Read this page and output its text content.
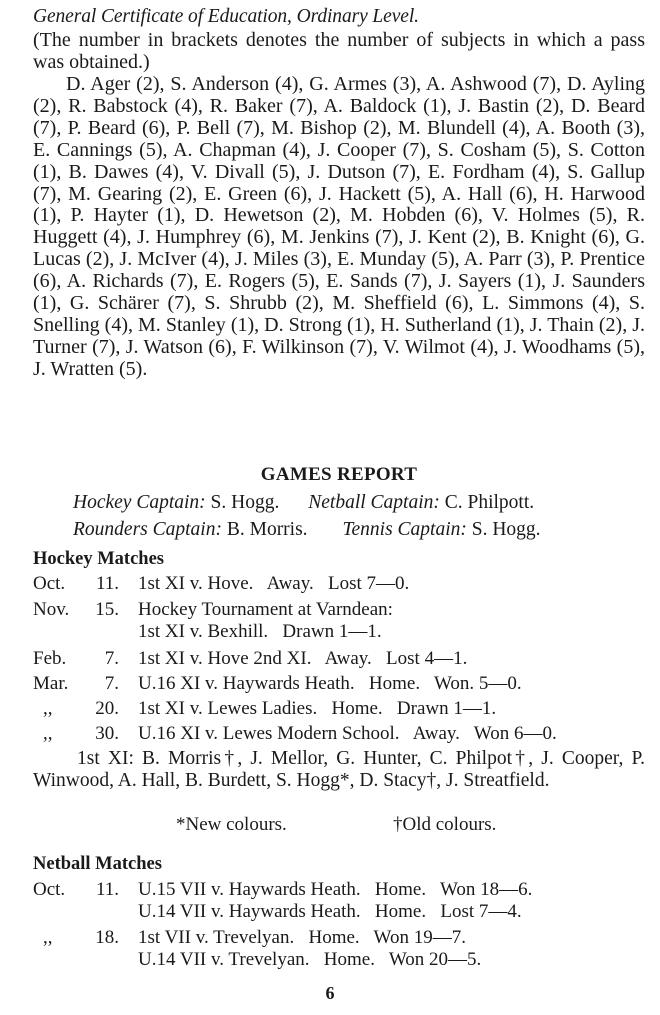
General Certificate of Education, Ordinary Level.
(The number in brackets denotes the number of subjects in which a pass was obtained.)
D. Ager (2), S. Anderson (4), G. Armes (3), A. Ashwood (7), D. Ayling (2), R. Babstock (4), R. Baker (7), A. Baldock (1), J. Bastin (2), D. Beard (7), P. Beard (6), P. Bell (7), M. Bishop (2), M. Blundell (4), A. Booth (3), E. Cannings (5), A. Chapman (4), J. Cooper (7), S. Cosham (5), S. Cotton (1), B. Dawes (4), V. Divall (5), J. Dutson (7), E. Fordham (4), S. Gallup (7), M. Gearing (2), E. Green (6), J. Hackett (5), A. Hall (6), H. Harwood (1), P. Hayter (1), D. Hewetson (2), M. Hobden (6), V. Holmes (5), R. Huggett (4), J. Humphrey (6), M. Jenkins (7), J. Kent (2), B. Knight (6), G. Lucas (2), J. McIver (4), J. Miles (3), E. Munday (5), A. Parr (3), P. Prentice (6), A. Richards (7), E. Rogers (5), E. Sands (7), J. Sayers (1), J. Saunders (1), G. Schärer (7), S. Shrubb (2), M. Sheffield (6), L. Simmons (4), S. Snelling (4), M. Stanley (1), D. Strong (1), H. Sutherland (1), J. Thain (2), J. Turner (7), J. Watson (6), F. Wilkinson (7), V. Wilmot (4), J. Woodhams (5), J. Wratten (5).
GAMES REPORT
Hockey Captain: S. Hogg. Netball Captain: C. Philpott.
Rounders Captain: B. Morris. Tennis Captain: S. Hogg.
Hockey Matches
Oct.	11. 1st XI v. Hove.   Away.   Lost 7—0.
Nov.	15. Hockey Tournament at Varndean:
1st XI v. Bexhill.   Drawn 1—1.
Feb.	7. 1st XI v. Hove 2nd XI.   Away.   Lost 4—1.
Mar.	7. U.16 XI v. Haywards Heath.   Home.   Won. 5—0.
,,	20. 1st XI v. Lewes Ladies.   Home.   Drawn 1—1.
,,	30. U.16 XI v. Lewes Modern School.   Away.   Won 6—0.
1st XI: B. Morris†, J. Mellor, G. Hunter, C. Philpot†, J. Cooper, P. Winwood, A. Hall, B. Burdett, S. Hogg*, D. Stacy†, J. Streatfield.
*New colours.	†Old colours.
Netball Matches
Oct.	11. U.15 VII v. Haywards Heath.   Home.   Won 18—6.
U.14 VII v. Haywards Heath.   Home.   Lost 7—4.
,,	18. 1st VII v. Trevelyan.   Home.   Won 19—7.
U.14 VII v. Trevelyan.   Home.   Won 20—5.
6
